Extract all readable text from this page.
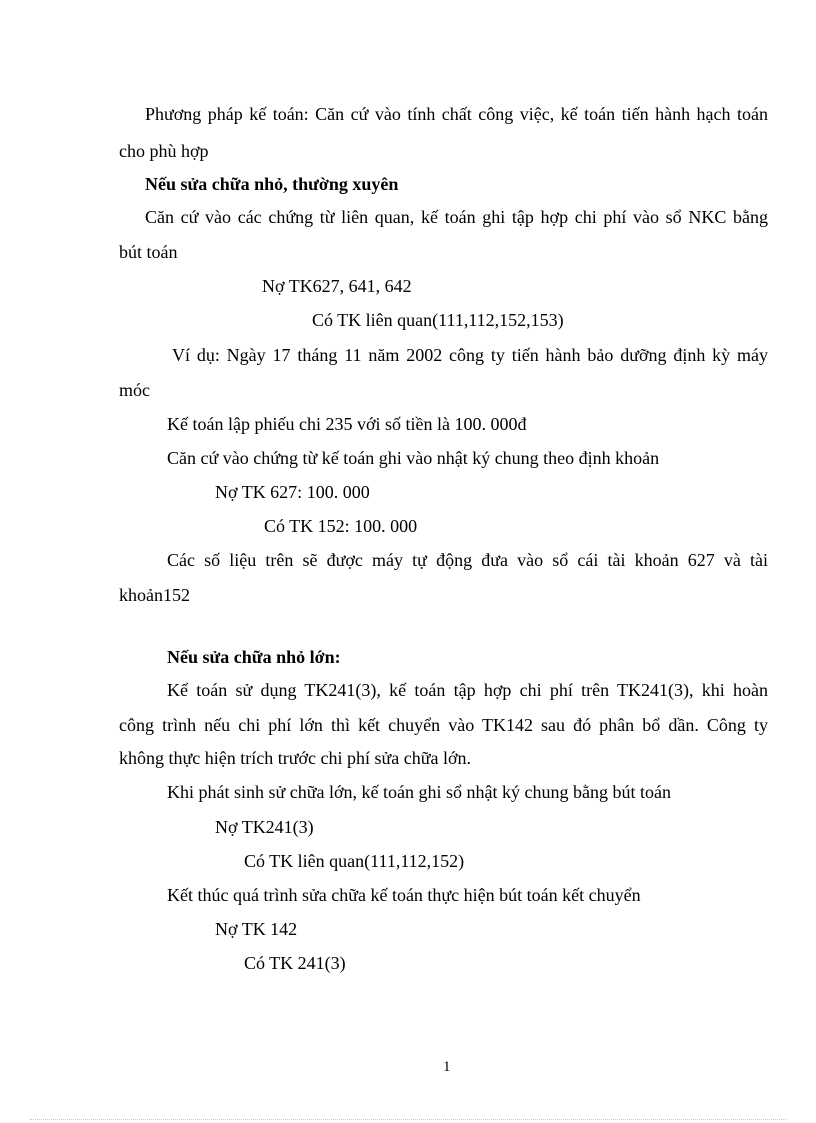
Phương pháp kế toán: Căn cứ vào tính chất công việc, kế toán tiến hành hạch toán
cho phù hợp
Nếu sửa chữa nhỏ, thường xuyên
Căn cứ vào các chứng từ liên quan, kế toán ghi tập hợp chi phí vào sổ NKC bằng
bút toán
Nợ TK627, 641, 642
Có TK liên quan(111,112,152,153)
Ví dụ: Ngày 17 tháng 11 năm 2002 công ty tiến hành bảo dưỡng định kỳ máy
móc
Kế toán lập phiếu chi 235 với số tiền là 100. 000đ
Căn cứ vào chứng từ kế toán ghi vào nhật ký chung theo định khoản
Nợ TK 627: 100. 000
Có TK 152: 100. 000
Các số liệu trên sẽ được máy tự động đưa vào sổ cái tài khoản 627 và tài
khoản152
Nếu sửa chữa nhỏ lớn:
Kế toán sử dụng TK241(3), kế toán tập hợp chi phí trên TK241(3), khi hoàn
công trình nếu chi phí lớn thì kết chuyển vào TK142 sau đó phân bổ dần. Công ty
không thực hiện trích trước chi phí sửa chữa lớn.
Khi phát sinh sử chữa lớn, kế toán ghi sổ nhật ký chung bằng bút toán
Nợ TK241(3)
Có TK liên quan(111,112,152)
Kết thúc quá trình sửa chữa kế toán thực hiện bút toán kết chuyển
Nợ TK 142
Có TK 241(3)
1
